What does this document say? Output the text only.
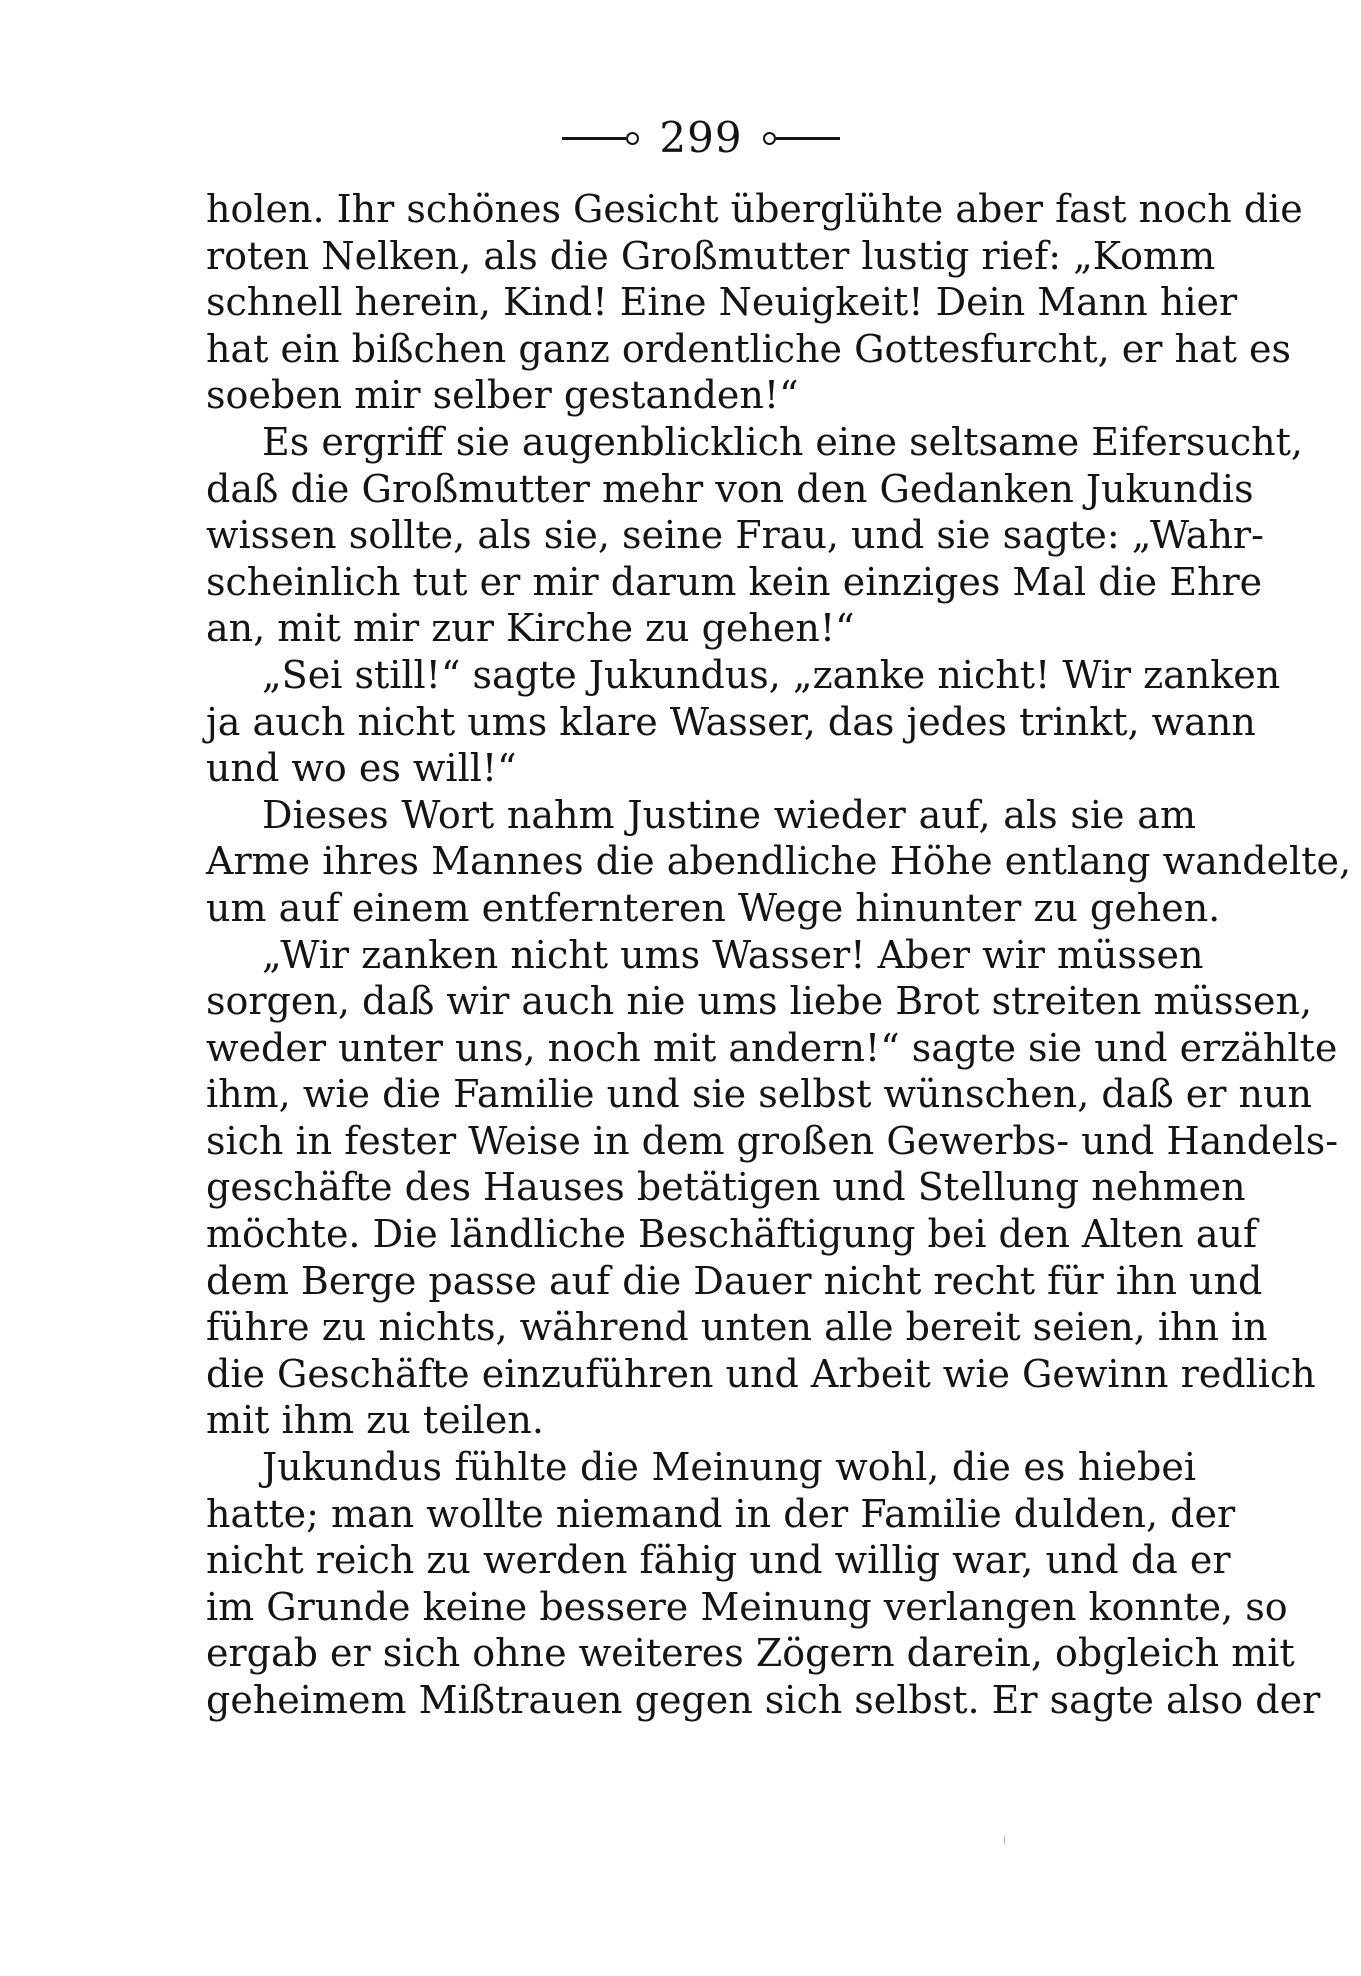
299
holen. Ihr schönes Gesicht überglühte aber fast noch die
roten Nelken, als die Großmutter lustig rief: „Komm
schnell herein, Kind! Eine Neuigkeit! Dein Mann hier
hat ein bißchen ganz ordentliche Gottesfurcht, er hat es
soeben mir selber gestanden!“
Es ergriff sie augenblicklich eine seltsame Eifersucht,
daß die Großmutter mehr von den Gedanken Jukundis
wissen sollte, als sie, seine Frau, und sie sagte: „Wahr-
scheinlich tut er mir darum kein einziges Mal die Ehre
an, mit mir zur Kirche zu gehen!“
„Sei still!“ sagte Jukundus, „zanke nicht! Wir zanken
ja auch nicht ums klare Wasser, das jedes trinkt, wann
und wo es will!“
Dieses Wort nahm Justine wieder auf, als sie am
Arme ihres Mannes die abendliche Höhe entlang wandelte,
um auf einem entfernteren Wege hinunter zu gehen.
„Wir zanken nicht ums Wasser! Aber wir müssen
sorgen, daß wir auch nie ums liebe Brot streiten müssen,
weder unter uns, noch mit andern!“ sagte sie und erzählte
ihm, wie die Familie und sie selbst wünschen, daß er nun
sich in fester Weise in dem großen Gewerbs- und Handels-
geschäfte des Hauses betätigen und Stellung nehmen
möchte. Die ländliche Beschäftigung bei den Alten auf
dem Berge passe auf die Dauer nicht recht für ihn und
führe zu nichts, während unten alle bereit seien, ihn in
die Geschäfte einzuführen und Arbeit wie Gewinn redlich
mit ihm zu teilen.
Jukundus fühlte die Meinung wohl, die es hiebei
hatte; man wollte niemand in der Familie dulden, der
nicht reich zu werden fähig und willig war, und da er
im Grunde keine bessere Meinung verlangen konnte, so
ergab er sich ohne weiteres Zögern darein, obgleich mit
geheimem Mißtrauen gegen sich selbst. Er sagte also der
